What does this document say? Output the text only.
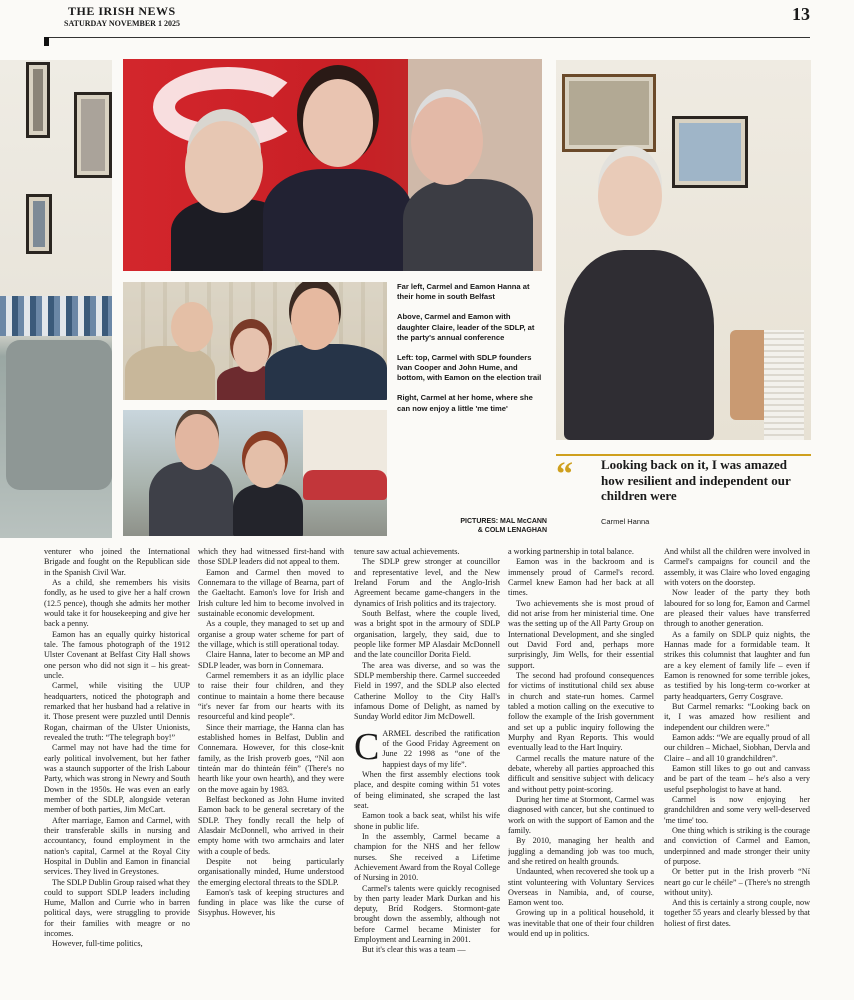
THE IRISH NEWS
SATURDAY NOVEMBER 1 2025	13

Far left, Carmel and Eamon Hanna at their home in south Belfast

Above, Carmel and Eamon with daughter Claire, leader of the SDLP, at the party's annual conference

Left: top, Carmel with SDLP founders Ivan Cooper and John Hume, and bottom, with Eamon on the election trail

Right, Carmel at her home, where she can now enjoy a little 'me time'

PICTURES: MAL McCANN
& COLM LENAGHAN
“ Looking back on it, I was amazed how resilient and independent our children were
Carmel Hanna

venturer who joined the International Brigade and fought on the Republican side in the Spanish Civil War.

As a child, she remembers his visits fondly, as he used to give her a half crown (12.5 pence), though she admits her mother would take it for housekeeping and give her back a penny.

Eamon has an equally quirky historical tale. The famous photograph of the 1912 Ulster Covenant at Belfast City Hall shows one person who did not sign it – his great-uncle.

Carmel, while visiting the UUP headquarters, noticed the photograph and remarked that her husband had a relative in it. Those present were puzzled until Dennis Rogan, chairman of the Ulster Unionists, revealed the truth: “The telegraph boy!”

Carmel may not have had the time for early political involvement, but her father was a staunch supporter of the Irish Labour Party, which was strong in Newry and South Down in the 1950s. He was even an early member of the SDLP, alongside veteran member of both parties, Jim McCart.

After marriage, Eamon and Carmel, with their transferable skills in nursing and accountancy, found employment in the nation's capital, Carmel at the Royal City Hospital in Dublin and Eamon in financial services. They lived in Greystones.

The SDLP Dublin Group raised what they could to support SDLP leaders including Hume, Mallon and Currie who in barren political days, were struggling to provide for their families with meagre or no incomes.

However, full-time politics,

which they had witnessed first-hand with those SDLP leaders did not appeal to them.

Eamon and Carmel then moved to Connemara to the village of Bearna, part of the Gaeltacht. Eamon's love for Irish and Irish culture led him to become involved in sustainable economic development.

As a couple, they managed to set up and organise a group water scheme for part of the village, which is still operational today.

Claire Hanna, later to become an MP and SDLP leader, was born in Connemara.

Carmel remembers it as an idyllic place to raise their four children, and they continue to maintain a home there because “it's never far from our hearts with its resourceful and kind people”.

Since their marriage, the Hanna clan has established homes in Belfast, Dublin and Connemara. However, for this close-knit family, as the Irish proverb goes, “Níl aon tinteán mar do thinteán féin” (There's no hearth like your own hearth), and they were on the move again by 1983.

Belfast beckoned as John Hume invited Eamon back to be general secretary of the SDLP. They fondly recall the help of Alasdair McDonnell, who arrived in their empty home with two armchairs and later with a couple of beds.

Despite not being particularly organisationally minded, Hume understood the emerging electoral threats to the SDLP.

Eamon's task of keeping structures and funding in place was like the curse of Sisyphus. However, his

tenure saw actual achievements.

The SDLP grew stronger at councillor and representative level, and the New Ireland Forum and the Anglo-Irish Agreement became game-changers in the dynamics of Irish politics and its trajectory.

South Belfast, where the couple lived, was a bright spot in the armoury of SDLP organisation, largely, they said, due to people like former MP Alasdair McDonnell and the late councillor Dorita Field.

The area was diverse, and so was the SDLP membership there. Carmel succeeded Field in 1997, and the SDLP also elected Catherine Molloy to the City Hall's infamous Dome of Delight, as named by Sunday World editor Jim McDowell.

CARMEL described the ratification of the Good Friday Agreement on June 22 1998 as “one of the happiest days of my life”.

When the first assembly elections took place, and despite coming within 51 votes of being eliminated, she scraped the last seat.

Eamon took a back seat, whilst his wife shone in public life.

In the assembly, Carmel became a champion for the NHS and her fellow nurses. She received a Lifetime Achievement Award from the Royal College of Nursing in 2010.

Carmel's talents were quickly recognised by then party leader Mark Durkan and his deputy, Bríd Rodgers. Stormont-gate brought down the assembly, although not before Carmel became Minister for Employment and Learning in 2001.

But it's clear this was a team —

a working partnership in total balance.

Eamon was in the backroom and is immensely proud of Carmel's record. Carmel knew Eamon had her back at all times.

Two achievements she is most proud of did not arise from her ministerial time. One was the setting up of the All Party Group on International Development, and she singled out David Ford and, perhaps more surprisingly, Jim Wells, for their essential support.

The second had profound consequences for victims of institutional child sex abuse in church and state-run homes. Carmel tabled a motion calling on the executive to follow the example of the Irish government and set up a public inquiry following the Murphy and Ryan Reports. This would eventually lead to the Hart Inquiry.

Carmel recalls the mature nature of the debate, whereby all parties approached this difficult and sensitive subject with delicacy and without petty point-scoring.

During her time at Stormont, Carmel was diagnosed with cancer, but she continued to work on with the support of Eamon and the family.

By 2010, managing her health and juggling a demanding job was too much, and she retired on health grounds.

Undaunted, when recovered she took up a stint volunteering with Voluntary Services Overseas in Namibia, and, of course, Eamon went too.

Growing up in a political household, it was inevitable that one of their four children would end up in politics.

And whilst all the children were involved in Carmel's campaigns for council and the assembly, it was Claire who loved engaging with voters on the doorstep.

Now leader of the party they both laboured for so long for, Eamon and Carmel are pleased their values have transferred through to another generation.

As a family on SDLP quiz nights, the Hannas made for a formidable team. It strikes this columnist that laughter and fun are a key element of family life – even if Eamon is renowned for some terrible jokes, as testified by his long-term co-worker at party headquarters, Gerry Cosgrave.

But Carmel remarks: “Looking back on it, I was amazed how resilient and independent our children were.”

Eamon adds: “We are equally proud of all our children – Michael, Siobhan, Dervla and Claire – and all 10 grandchildren”.

Eamon still likes to go out and canvass and be part of the team – he's also a very useful psephologist to have at hand.

Carmel is now enjoying her grandchildren and some very well-deserved 'me time' too.

One thing which is striking is the courage and conviction of Carmel and Eamon, underpinned and made stronger their unity of purpose.

Or better put in the Irish proverb “Ní neart go cur le chéile” – (There's no strength without unity).

And this is certainly a strong couple, now together 55 years and clearly blessed by that holiest of first dates.
